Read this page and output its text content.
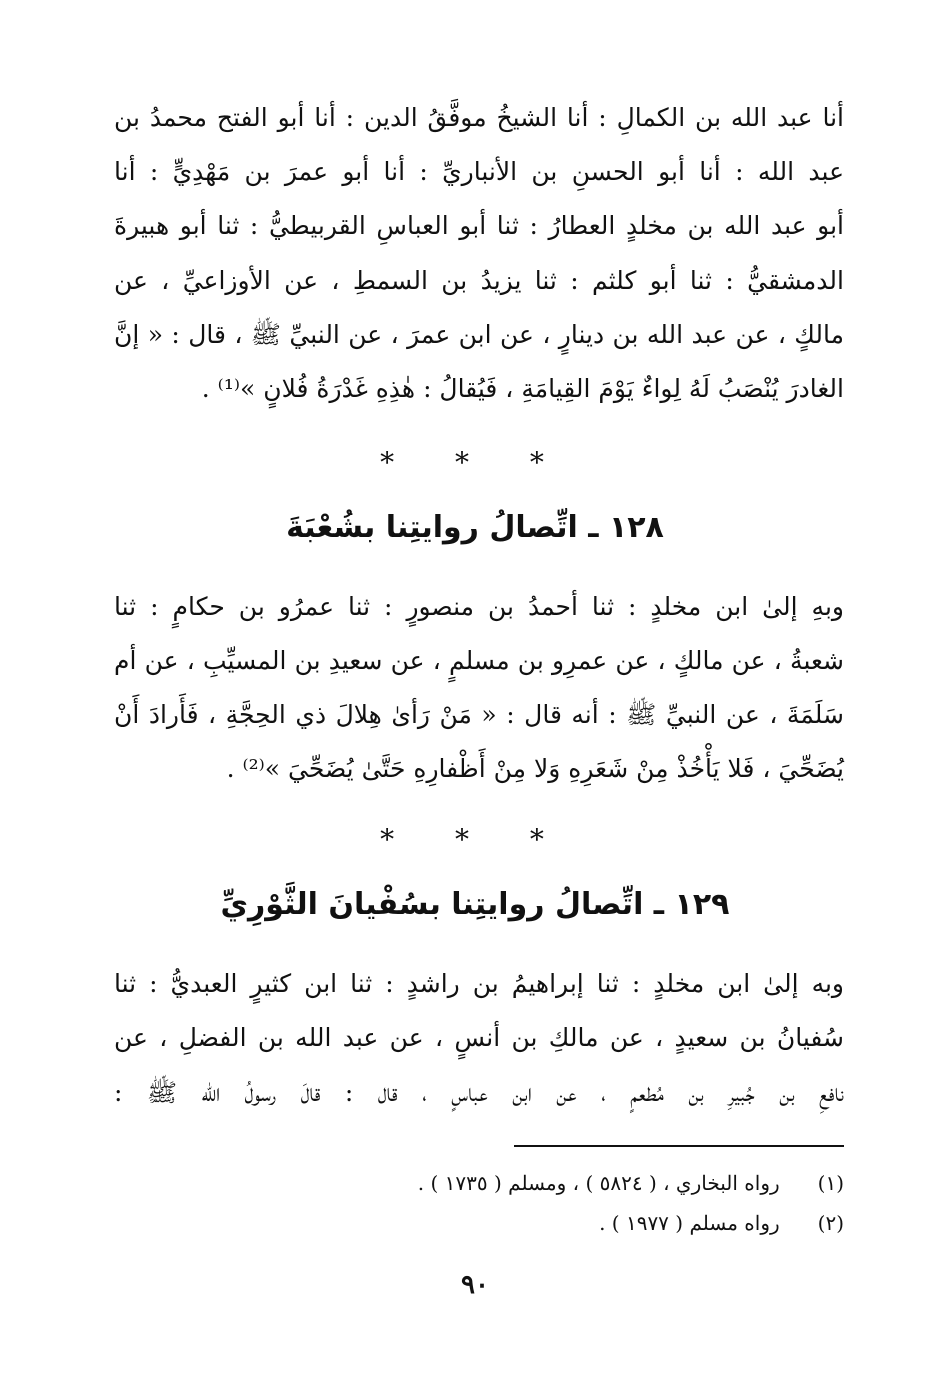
أنا عبد الله بن الكمالِ : أنا الشيخُ موفَّقُ الدين : أنا أبو الفتح محمدُ بن
عبد الله : أنا أبو الحسنِ بن الأنباريِّ : أنا أبو عمرَ بن مَهْدِيٍّ : أنا
أبو عبد الله بن مخلدٍ العطارُ : ثنا أبو العباسِ القربيطيُّ : ثنا أبو هبيرةَ
الدمشقيُّ : ثنا أبو كلثم : ثنا يزيدُ بن السمطِ ، عن الأوزاعيِّ ، عن
مالكٍ ، عن عبد الله بن دينارٍ ، عن ابن عمرَ ، عن النبيِّ ﷺ ، قال : « إنَّ
الغادرَ يُنْصَبُ لَهُ لِواءٌ يَوْمَ القِيامَةِ ، فَيُقالُ : هٰذِهِ غَدْرَةُ فُلانٍ »⁽¹⁾ .
* * *
١٢٨ ـ اتِّصالُ روايتِنا بشُعْبَةَ
وبهِ إلىٰ ابن مخلدٍ : ثنا أحمدُ بن منصورٍ : ثنا عمرُو بن حكامٍ : ثنا
شعبةُ ، عن مالكٍ ، عن عمرِو بن مسلمٍ ، عن سعيدِ بن المسيِّبِ ، عن أم
سَلَمَةَ ، عن النبيِّ ﷺ : أنه قال : « مَنْ رَأىٰ هِلالَ ذي الحِجَّةِ ، فَأَرادَ أَنْ
يُضَحِّيَ ، فَلا يَأْخُذْ مِنْ شَعَرِهِ وَلا مِنْ أَظْفارِهِ حَتَّىٰ يُضَحِّيَ »⁽²⁾ .
* * *
١٢٩ ـ اتِّصالُ روايتِنا بسُفْيانَ الثَّوْرِيِّ
وبه إلىٰ ابن مخلدٍ : ثنا إبراهيمُ بن راشدٍ : ثنا ابن كثيرٍ العبديُّ : ثنا
سُفيانُ بن سعيدٍ ، عن مالكِ بن أنسٍ ، عن عبد الله بن الفضلِ ، عن
نافعِ بن جُبيرِ بن مُطعمٍ ، عن ابن عباسٍ ، قال : قالَ رسولُ الله ﷺ :
(١) رواه البخاري ، ( ٥٨٢٤ ) ، ومسلم ( ١٧٣٥ ) .
(٢) رواه مسلم ( ١٩٧٧ ) .
٩٠
